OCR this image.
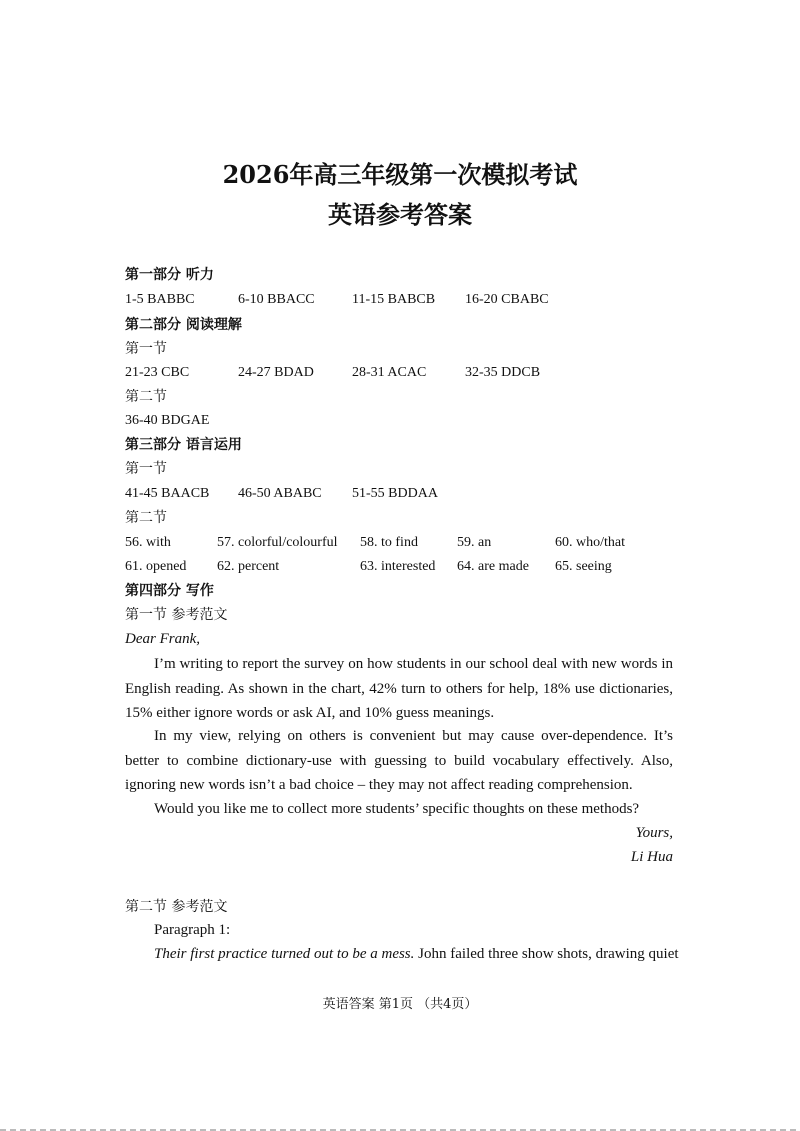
2026年高三年级第一次模拟考试
英语参考答案
第一部分 听力
1-5 BABBC	6-10 BBACC	11-15 BABCB 16-20 CBABC
第二部分 阅读理解
第一节
21-23 CBC	24-27 BDAD	28-31 ACAC	32-35 DDCB
第二节
36-40 BDGAE
第三部分 语言运用
第一节
41-45 BAACB 46-50 ABABC 51-55 BDDAA
第二节
56. with	57. colorful/colourful 58. to find	59. an	60. who/that
61. opened 62. percent	63. interested 64. are made 65. seeing
第四部分 写作
第一节 参考范文
Dear Frank,
I’m writing to report the survey on how students in our school deal with new words in English reading. As shown in the chart, 42% turn to others for help, 18% use dictionaries, 15% either ignore words or ask AI, and 10% guess meanings.
In my view, relying on others is convenient but may cause over-dependence. It’s better to combine dictionary-use with guessing to build vocabulary effectively. Also, ignoring new words isn’t a bad choice – they may not affect reading comprehension.
Would you like me to collect more students’ specific thoughts on these methods?
Yours,
Li Hua
第二节 参考范文
Paragraph 1:
Their first practice turned out to be a mess. John failed three show shots, drawing quiet
英语答案 第1页 （共4页）
